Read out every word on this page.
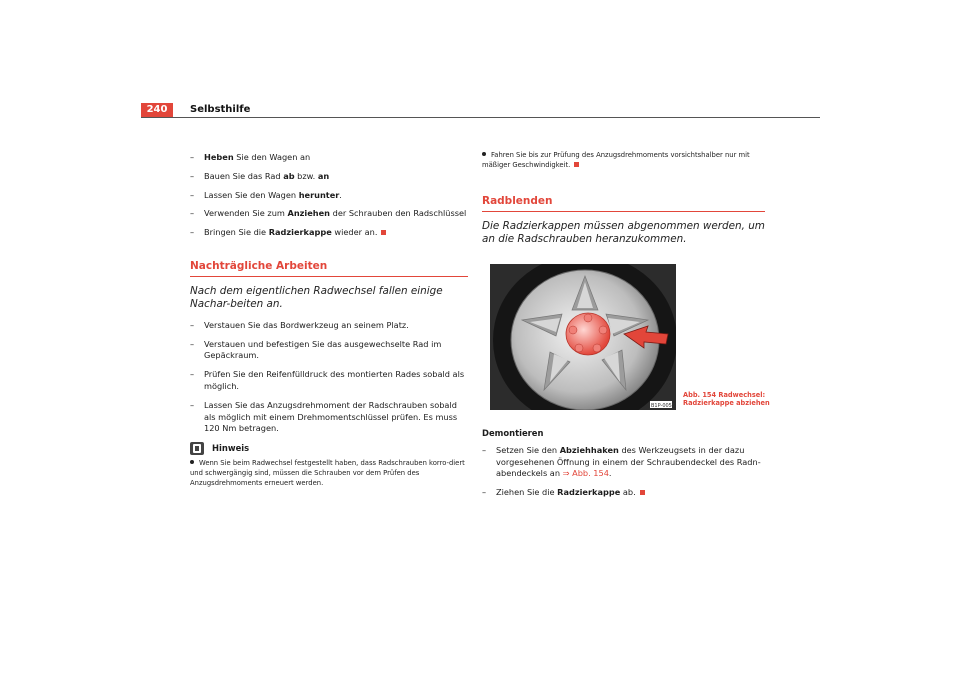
240	Selbsthilfe
– Heben Sie den Wagen an
– Bauen Sie das Rad ab bzw. an
– Lassen Sie den Wagen herunter.
– Verwenden Sie zum Anziehen der Schrauben den Radschlüssel
– Bringen Sie die Radzierkappe wieder an.
Nachträgliche Arbeiten
Nach dem eigentlichen Radwechsel fallen einige Nachar-beiten an.
– Verstauen Sie das Bordwerkzeug an seinem Platz.
– Verstauen und befestigen Sie das ausgewechselte Rad im Gepäckraum.
– Prüfen Sie den Reifenfülldruck des montierten Rades sobald als möglich.
– Lassen Sie das Anzugsdrehmoment der Radschrauben sobald als möglich mit einem Drehmomentschlüssel prüfen. Es muss 120 Nm betragen.
Hinweis
Wenn Sie beim Radwechsel festgestellt haben, dass Radschrauben korro-diert und schwergängig sind, müssen die Schrauben vor dem Prüfen des Anzugsdrehmoments erneuert werden.
Fahren Sie bis zur Prüfung des Anzugsdrehmoments vorsichtshalber nur mit mäßiger Geschwindigkeit.
Radblenden
Die Radzierkappen müssen abgenommen werden, um an die Radschrauben heranzukommen.
B1P-0055
Abb. 154 Radwechsel:
Radzierkappe abziehen
Demontieren
– Setzen Sie den Abziehhaken des Werkzeugsets in der dazu vorgesehenen Öffnung in einem der Schraubendeckel des Radn-abendeckels an ⇒ Abb. 154.
– Ziehen Sie die Radzierkappe ab.
